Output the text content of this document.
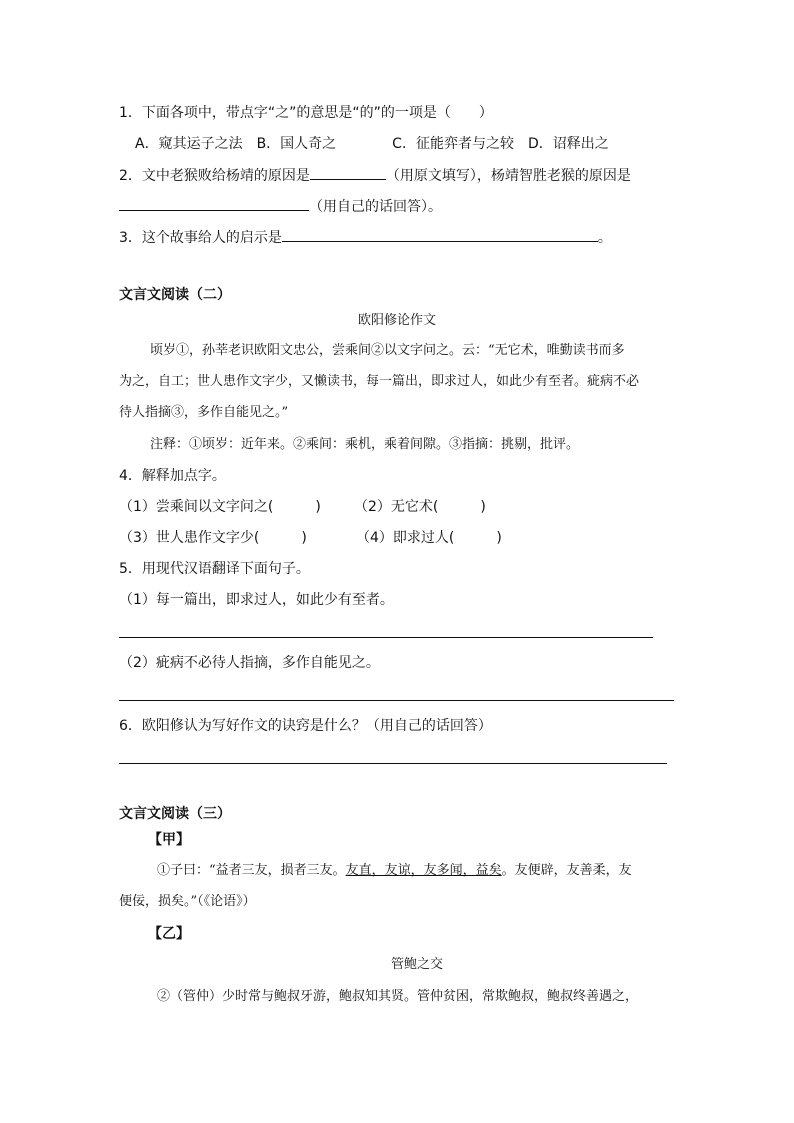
1．下面各项中，带点字“之”的意思是“的”的一项是（　　）
A．窥其运子之法　B．国人奇之　　　　C．征能弈者与之较　D．诏释出之
2．文中老猴败给杨靖的原因是	（用原文填写），杨靖智胜老猴的原因是
（用自己的话回答）。
3．这个故事给人的启示是	。
文言文阅读（二）
欧阳修论作文
顷岁①，孙莘老识欧阳文忠公，尝乘间②以文字问之。云：“无它术，唯勤读书而多
为之，自工；世人患作文字少，又懒读书，每一篇出，即求过人，如此少有至者。疵病不必
待人指摘③，多作自能见之。”
注释：①顷岁：近年来。②乘间：乘机，乘着间隙。③指摘：挑剔，批评。
4．解释加点字。
（1）尝乘间以文字问之(　　　)	（2）无它术(　　　)
（3）世人患作文字少(　　　)	（4）即求过人(　　　)
5．用现代汉语翻译下面句子。
（1）每一篇出，即求过人，如此少有至者。
（2）疵病不必待人指摘，多作自能见之。
6．欧阳修认为写好作文的诀窍是什么？（用自己的话回答）
文言文阅读（三）
【甲】
①子曰：“益者三友，损者三友。友直，友谅，友多闻，益矣。友便辟，友善柔，友
便佞，损矣。”（《论语》）
【乙】
管鲍之交
②（管仲）少时常与鲍叔牙游，鲍叔知其贤。管仲贫困，常欺鲍叔，鲍叔终善遇之，
